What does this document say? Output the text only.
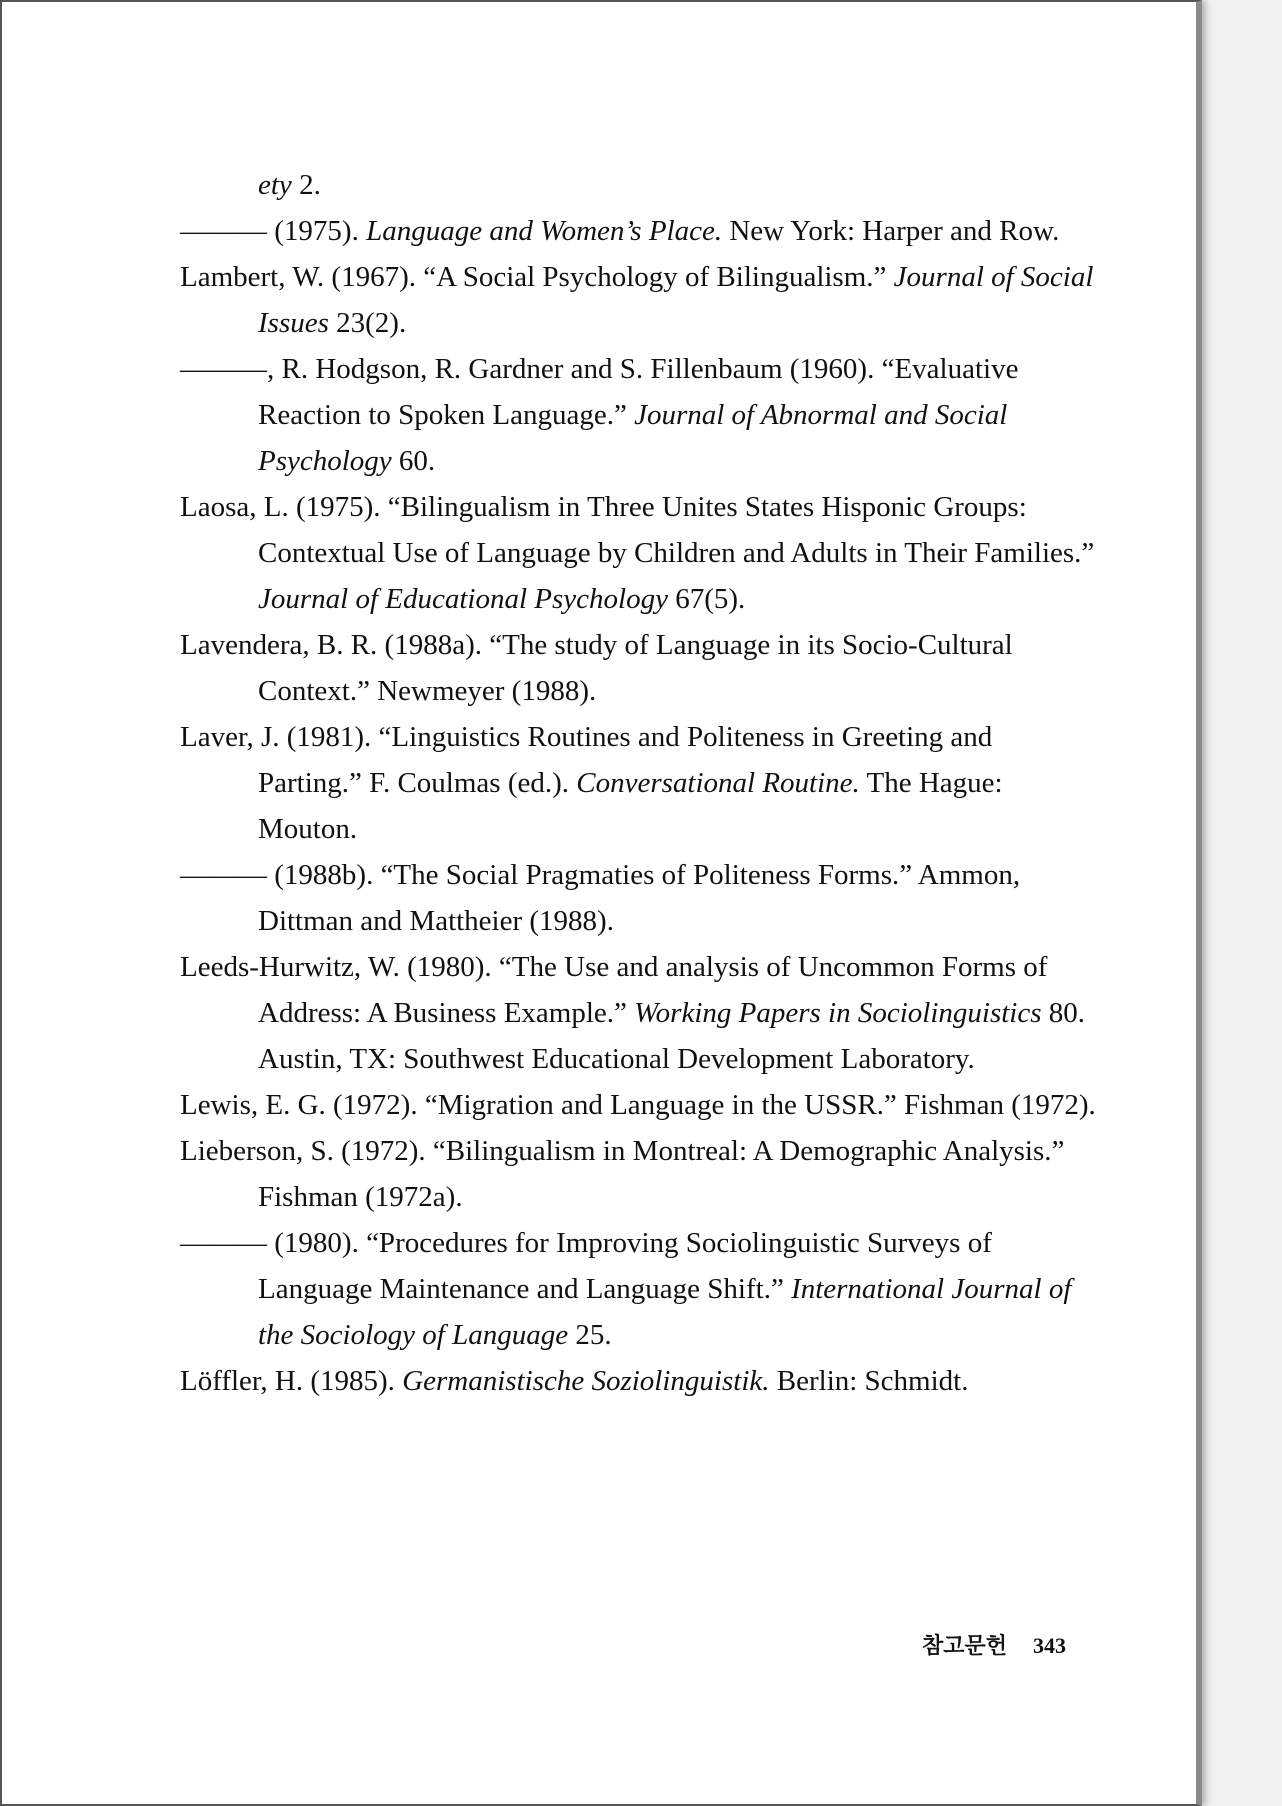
ety 2.

——— (1975). Language and Women’s Place. New York: Harper and Row.

Lambert, W. (1967). “A Social Psychology of Bilingualism.” Journal of Social Issues 23(2).

———, R. Hodgson, R. Gardner and S. Fillenbaum (1960). “Evaluative Reaction to Spoken Language.” Journal of Abnormal and Social Psychology 60.

Laosa, L. (1975). “Bilingualism in Three Unites States Hisponic Groups: Contextual Use of Language by Children and Adults in Their Families.” Journal of Educational Psychology 67(5).

Lavendera, B. R. (1988a). “The study of Language in its Socio-Cultural Context.” Newmeyer (1988).

Laver, J. (1981). “Linguistics Routines and Politeness in Greeting and Parting.” F. Coulmas (ed.). Conversational Routine. The Hague: Mouton.

——— (1988b). “The Social Pragmaties of Politeness Forms.” Ammon, Dittman and Mattheier (1988).

Leeds-Hurwitz, W. (1980). “The Use and analysis of Uncommon Forms of Address: A Business Example.” Working Papers in Sociolinguistics 80. Austin, TX: Southwest Educational Development Laboratory.

Lewis, E. G. (1972). “Migration and Language in the USSR.” Fishman (1972).

Lieberson, S. (1972). “Bilingualism in Montreal: A Demographic Analysis.” Fishman (1972a).

——— (1980). “Procedures for Improving Sociolinguistic Surveys of Language Maintenance and Language Shift.” International Journal of the Sociology of Language 25.

Löffler, H. (1985). Germanistische Soziolinguistik. Berlin: Schmidt.

참고문헌 343
